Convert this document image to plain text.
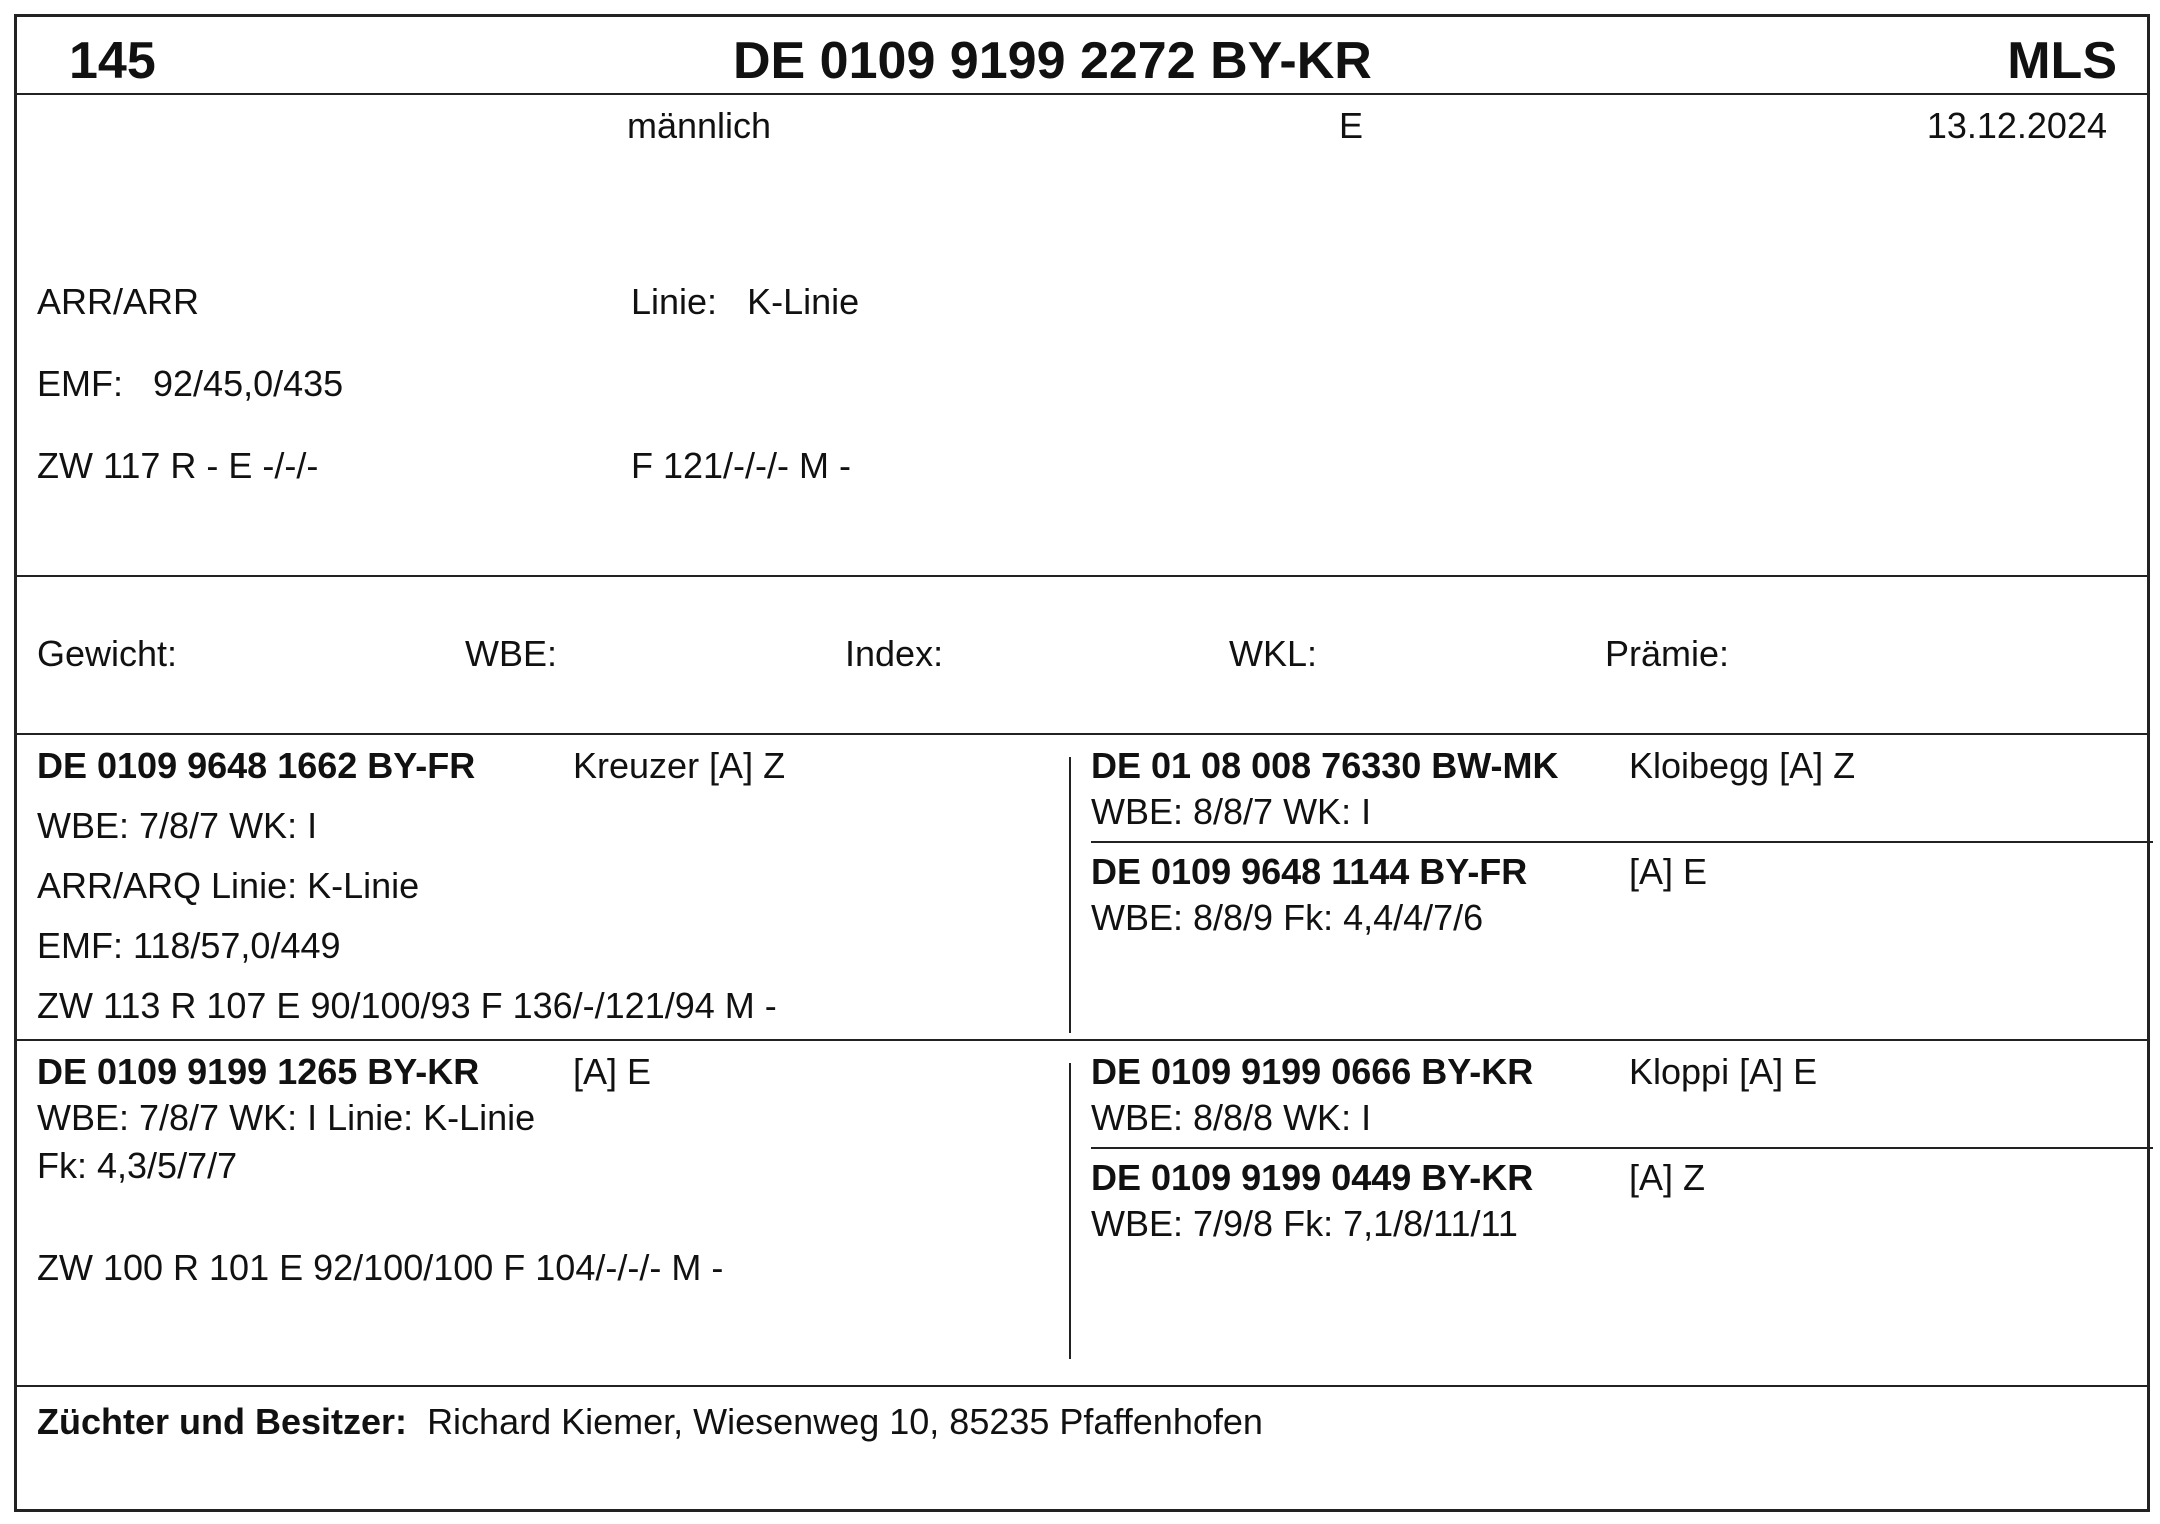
145	DE 0109 9199 2272 BY-KR	MLS
männlich	E	13.12.2024
ARR/ARR	Linie: K-Linie
EMF: 92/45,0/435
ZW 117 R - E -/-/-	F 121/-/-/- M -
Gewicht:	WBE:	Index:	WKL:	Prämie:
DE 0109 9648 1662 BY-FR	Kreuzer [A] Z
WBE: 7/8/7 WK: I
ARR/ARQ Linie: K-Linie
EMF: 118/57,0/449
ZW 113 R 107 E 90/100/93 F 136/-/121/94 M -
DE 01 08 008 76330 BW-MK Kloibegg [A] Z
WBE: 8/8/7 WK: I
DE 0109 9648 1144 BY-FR	[A] E
WBE: 8/8/9 Fk: 4,4/4/7/6
DE 0109 9199 1265 BY-KR	[A] E
WBE: 7/8/7 WK: I Linie: K-Linie
Fk: 4,3/5/7/7
ZW 100 R 101 E 92/100/100 F 104/-/-/- M -
DE 0109 9199 0666 BY-KR	Kloppi [A] E
WBE: 8/8/8 WK: I
DE 0109 9199 0449 BY-KR	[A] Z
WBE: 7/9/8 Fk: 7,1/8/11/11
Züchter und Besitzer: Richard Kiemer, Wiesenweg 10, 85235 Pfaffenhofen
